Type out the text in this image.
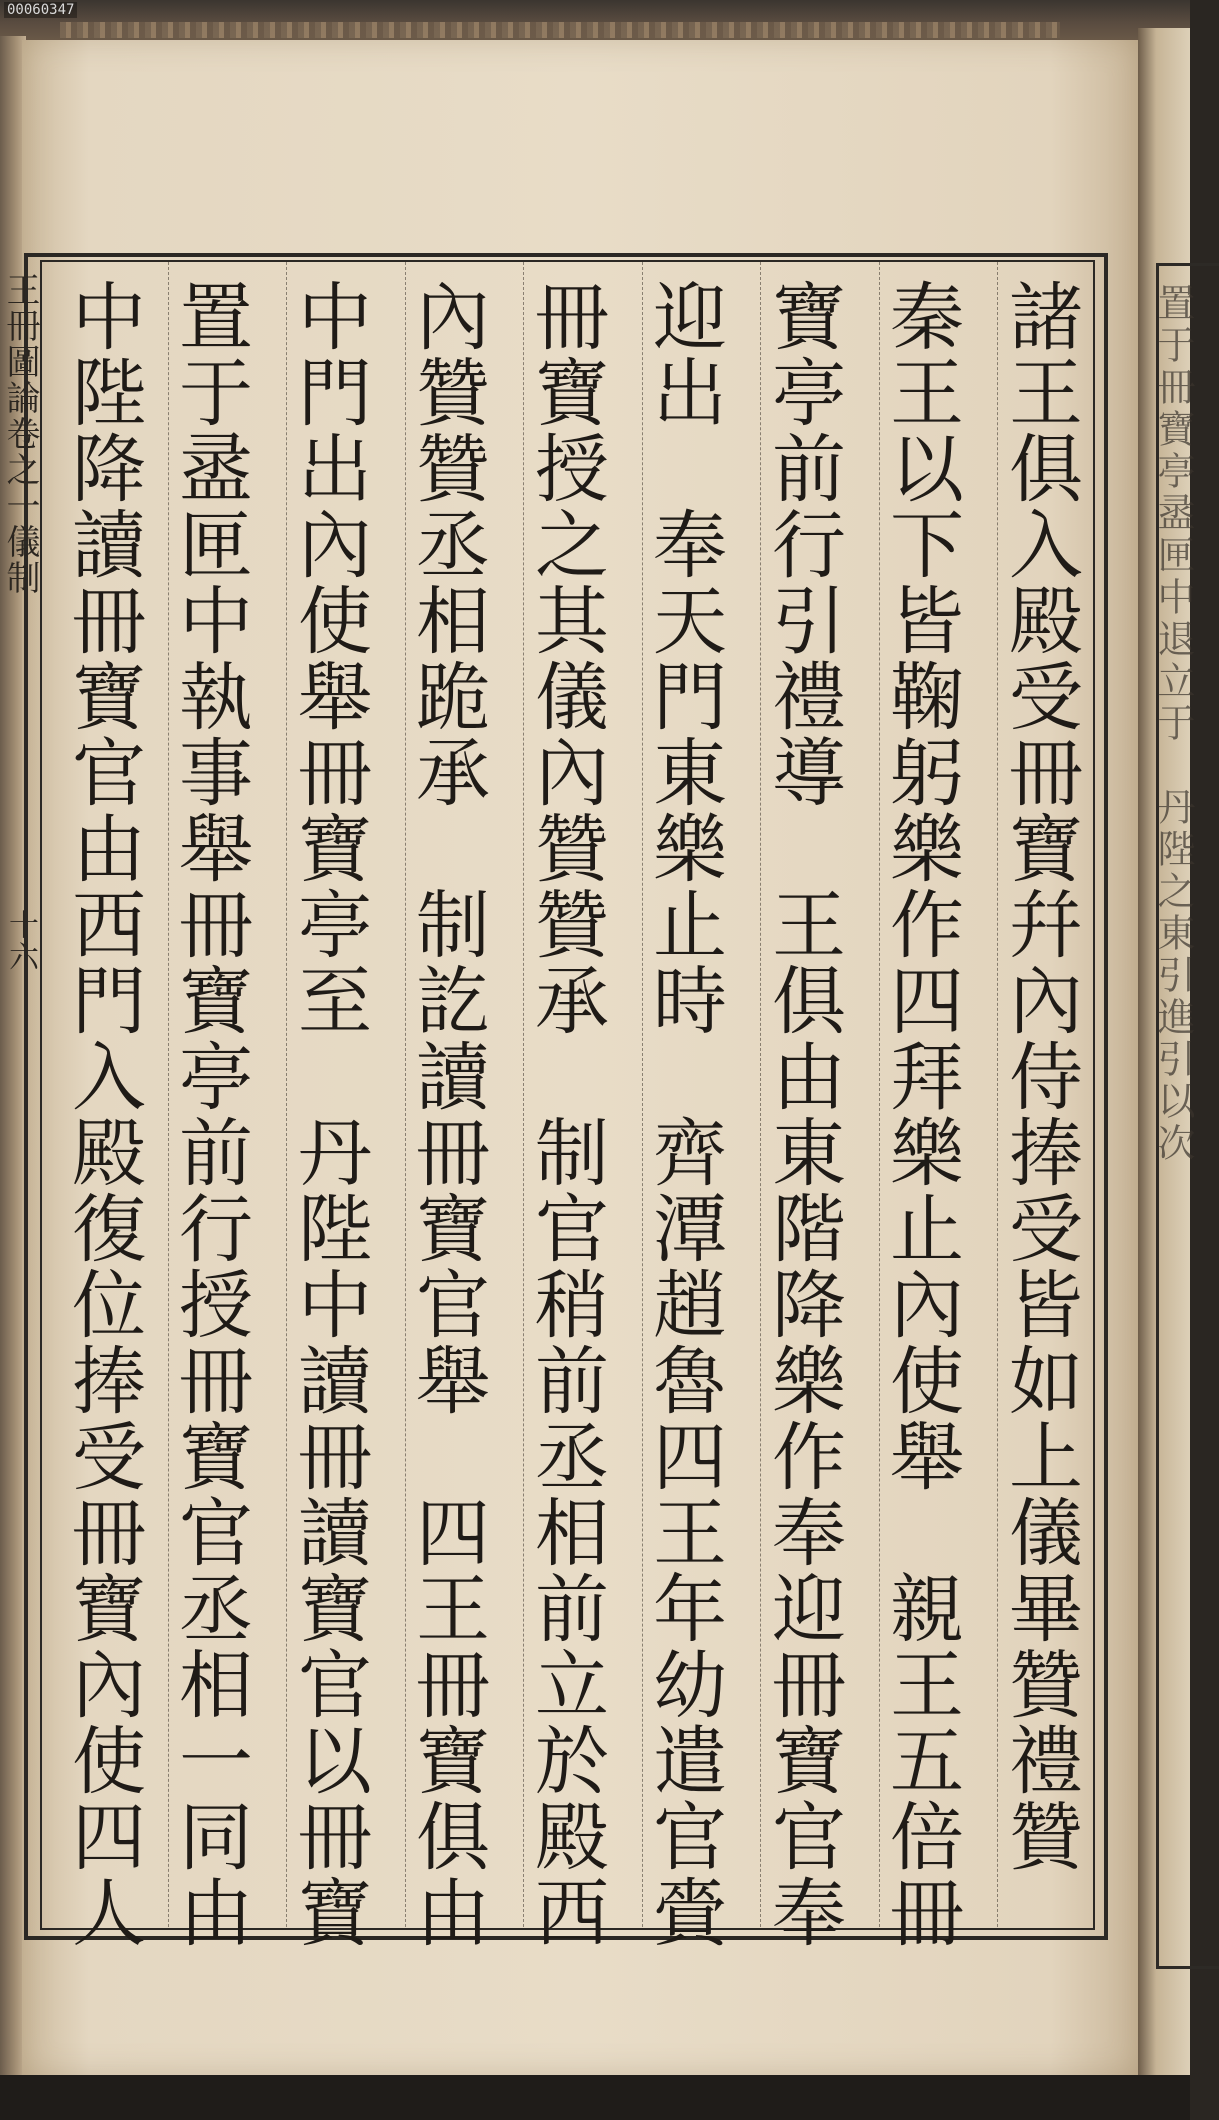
00060347
置于冊寶亭盝匣中退立于　丹陛之東引進引以次
王冊圖論卷之一儀制 十六	諸王俱入殿受冊寶幷內侍捧受皆如上儀畢贊禮贊
秦王以下皆鞠躬樂作四拜樂止內使舉　親王五倍冊
寶亭前行引禮導　王俱由東階降樂作奉迎冊寶官奉
迎出　奉天門東樂止時　齊潭趙魯四王年幼遣官賫
冊寶授之其儀內贊贊承　制官稍前丞相前立於殿西
內贊贊丞相跪承　制訖讀冊寶官舉　四王冊寶俱由
中門出內使舉冊寶亭至　丹陛中讀冊讀寶官以冊寶
置于盝匣中執事舉冊寶亭前行授冊寶官丞相一同由
中陛降讀冊寶官由西門入殿復位捧受冊寶內使四人
